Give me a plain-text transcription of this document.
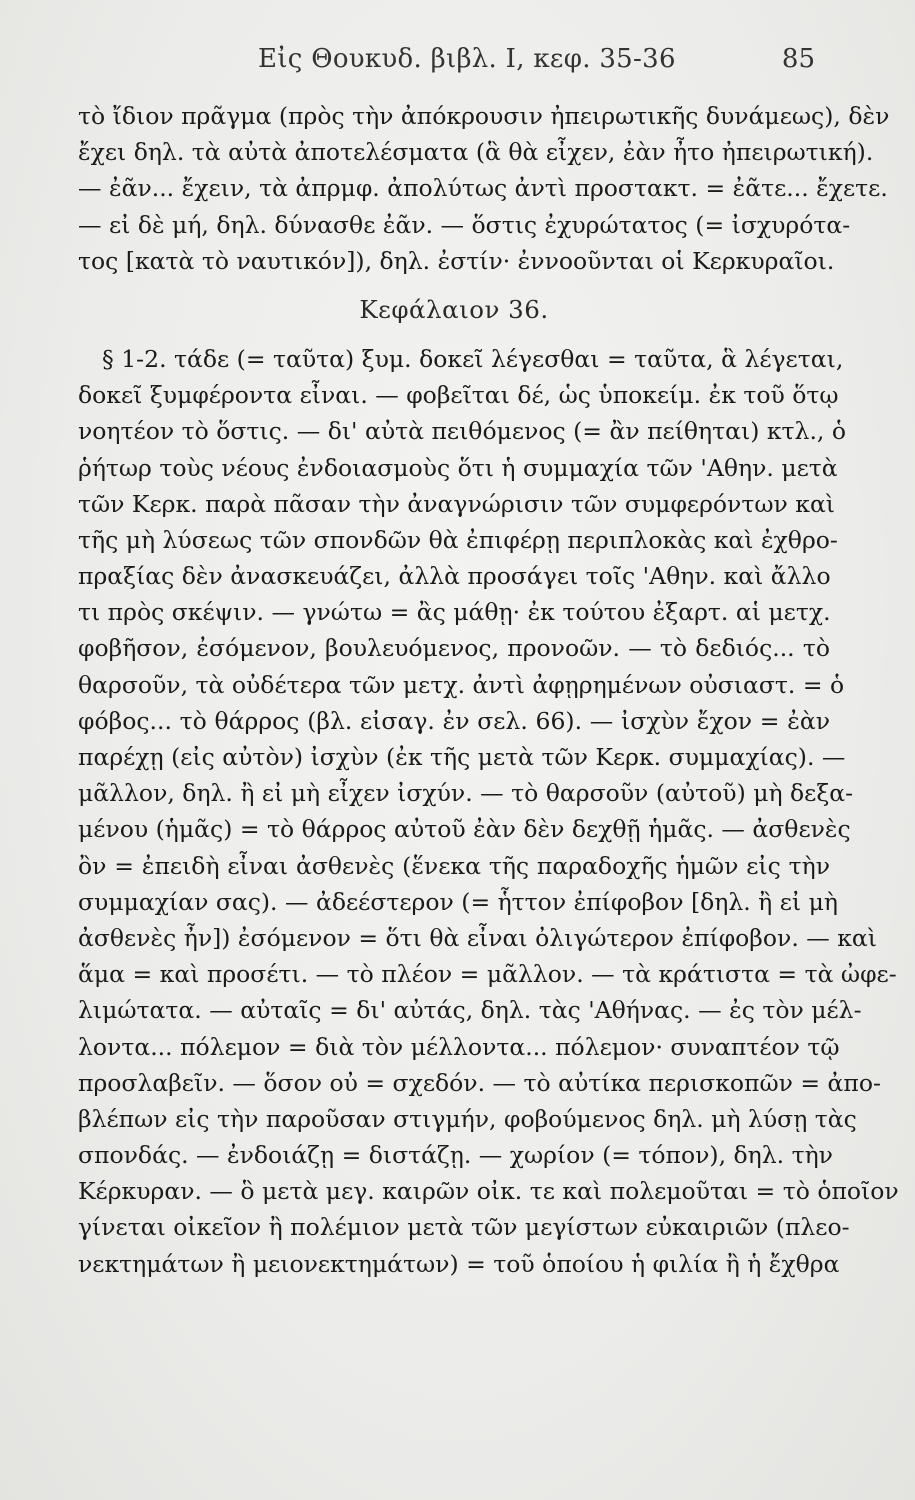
Εἰς Θουκυδ. βιβλ. Ι, κεφ. 35-36	85
τὸ ἴδιον πρᾶγμα (πρὸς τὴν ἀπόκρουσιν ἠπειρωτικῆς δυνάμεως), δὲν
ἔχει δηλ. τὰ αὐτὰ ἀποτελέσματα (ἃ θὰ εἶχεν, ἐὰν ἦτο ἠπειρωτική).
— ἐᾶν... ἔχειν, τὰ ἀπρμφ. ἀπολύτως ἀντὶ προστακτ. = ἐᾶτε... ἔχετε.
— εἰ δὲ μή, δηλ. δύνασθε ἐᾶν. — ὅστις ἐχυρώτατος (= ἰσχυρότα-
τος [κατὰ τὸ ναυτικόν]), δηλ. ἐστίν· ἐννοοῦνται οἱ Κερκυραῖοι.
Κεφάλαιον 36.
§ 1-2. τάδε (= ταῦτα) ξυμ. δοκεῖ λέγεσθαι = ταῦτα, ἃ λέγεται,
δοκεῖ ξυμφέροντα εἶναι. — φοβεῖται δέ, ὡς ὑποκείμ. ἐκ τοῦ ὅτῳ
νοητέον τὸ ὅστις. — δι' αὐτὰ πειθόμενος (= ἂν πείθηται) κτλ., ὁ
ῥήτωρ τοὺς νέους ἐνδοιασμοὺς ὅτι ἡ συμμαχία τῶν 'Αθην. μετὰ
τῶν Κερκ. παρὰ πᾶσαν τὴν ἀναγνώρισιν τῶν συμφερόντων καὶ
τῆς μὴ λύσεως τῶν σπονδῶν θὰ ἐπιφέρῃ περιπλοκὰς καὶ ἐχθρο-
πραξίας δὲν ἀνασκευάζει, ἀλλὰ προσάγει τοῖς 'Αθην. καὶ ἄλλο
τι πρὸς σκέψιν. — γνώτω = ἂς μάθῃ· ἐκ τούτου ἐξαρτ. αἱ μετχ.
φοβῆσον, ἐσόμενον, βουλευόμενος, προνοῶν. — τὸ δεδιός... τὸ
θαρσοῦν, τὰ οὐδέτερα τῶν μετχ. ἀντὶ ἀφῃρημένων οὐσιαστ. = ὁ
φόβος... τὸ θάρρος (βλ. εἰσαγ. ἐν σελ. 66). — ἰσχὺν ἔχον = ἐὰν
παρέχῃ (εἰς αὐτὸν) ἰσχὺν (ἐκ τῆς μετὰ τῶν Κερκ. συμμαχίας). —
μᾶλλον, δηλ. ἢ εἰ μὴ εἶχεν ἰσχύν. — τὸ θαρσοῦν (αὐτοῦ) μὴ δεξα-
μένου (ἡμᾶς) = τὸ θάρρος αὐτοῦ ἐὰν δὲν δεχθῇ ἡμᾶς. — ἀσθενὲς
ὂν = ἐπειδὴ εἶναι ἀσθενὲς (ἕνεκα τῆς παραδοχῆς ἡμῶν εἰς τὴν
συμμαχίαν σας). — ἀδεέστερον (= ἧττον ἐπίφοβον [δηλ. ἢ εἰ μὴ
ἀσθενὲς ἦν]) ἐσόμενον = ὅτι θὰ εἶναι ὀλιγώτερον ἐπίφοβον. — καὶ
ἅμα = καὶ προσέτι. — τὸ πλέον = μᾶλλον. — τὰ κράτιστα = τὰ ὠφε-
λιμώτατα. — αὐταῖς = δι' αὐτάς, δηλ. τὰς 'Αθήνας. — ἐς τὸν μέλ-
λοντα... πόλεμον = διὰ τὸν μέλλοντα... πόλεμον· συναπτέον τῷ
προσλαβεῖν. — ὅσον οὐ = σχεδόν. — τὸ αὐτίκα περισκοπῶν = ἀπο-
βλέπων εἰς τὴν παροῦσαν στιγμήν, φοβούμενος δηλ. μὴ λύσῃ τὰς
σπονδάς. — ἐνδοιάζῃ = διστάζῃ. — χωρίον (= τόπον), δηλ. τὴν
Κέρκυραν. — ὃ μετὰ μεγ. καιρῶν οἰκ. τε καὶ πολεμοῦται = τὸ ὁποῖον
γίνεται οἰκεῖον ἢ πολέμιον μετὰ τῶν μεγίστων εὐκαιριῶν (πλεο-
νεκτημάτων ἢ μειονεκτημάτων) = τοῦ ὁποίου ἡ φιλία ἢ ἡ ἔχθρα
